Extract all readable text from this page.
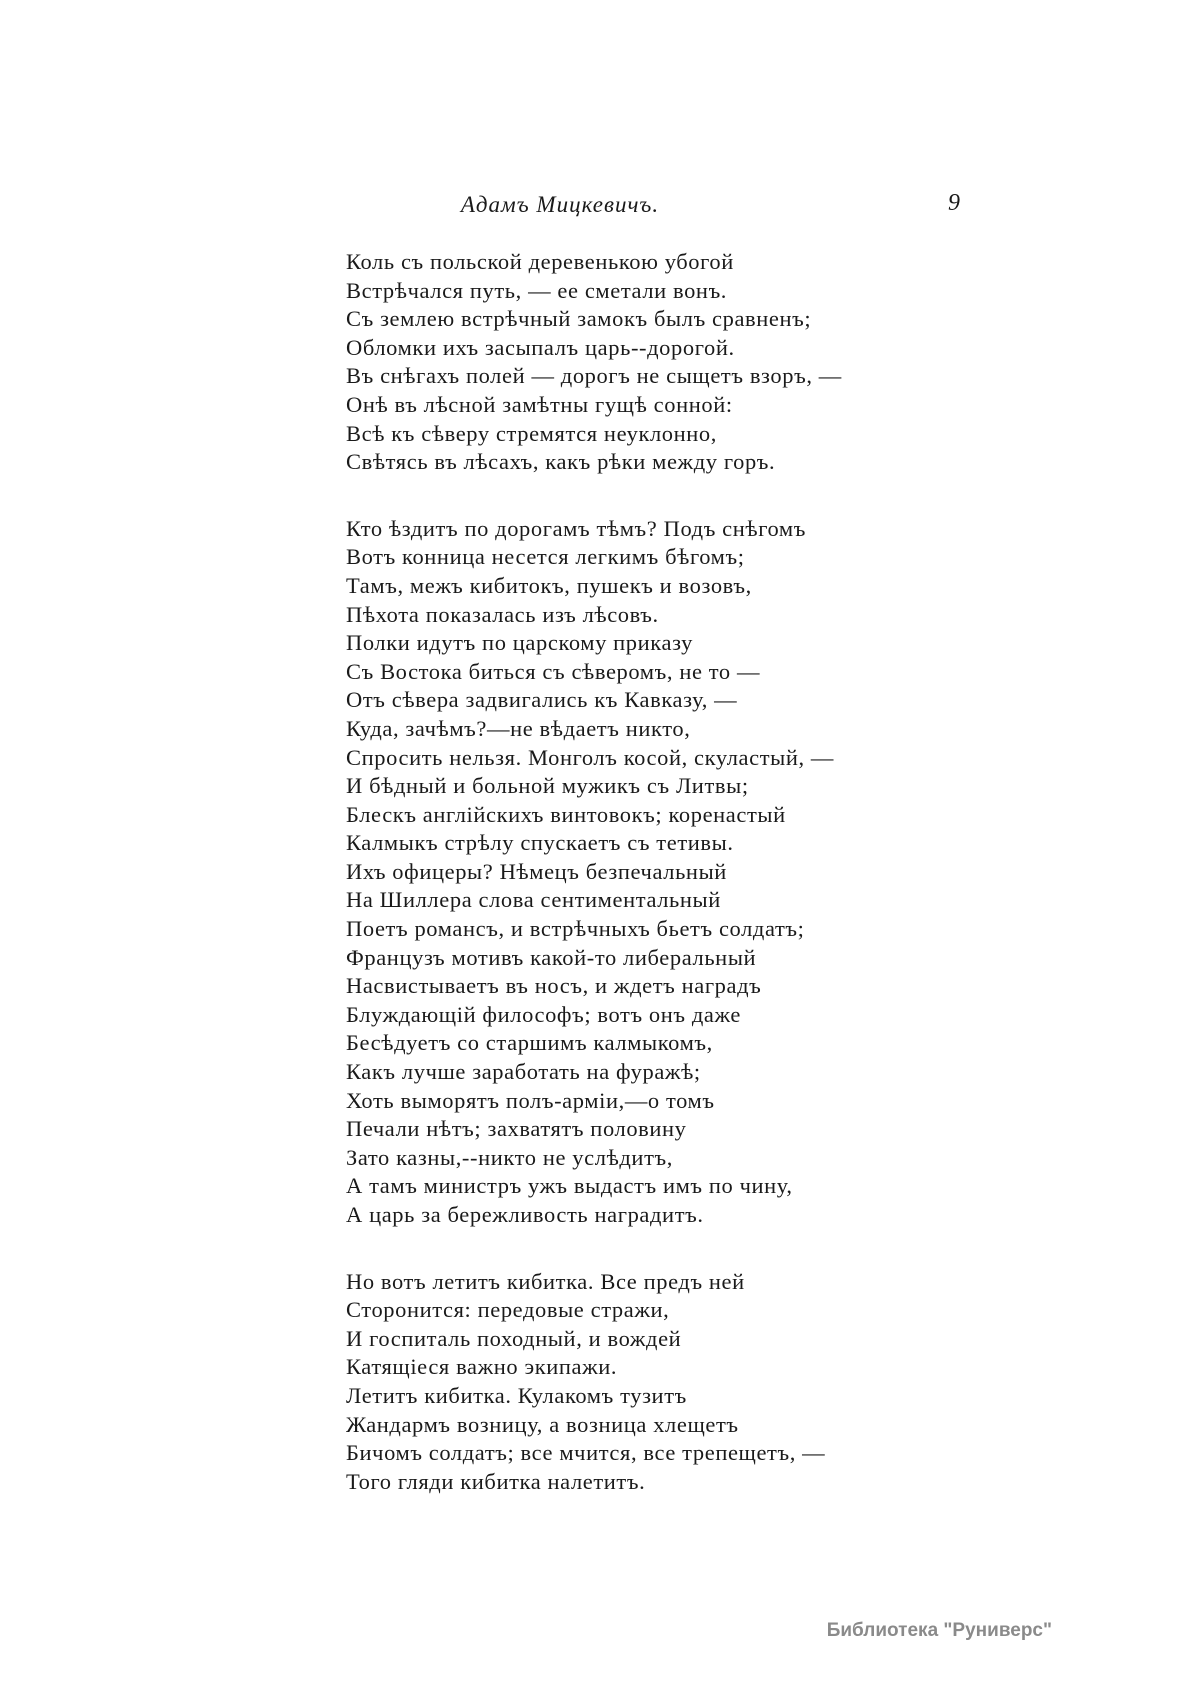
Адамъ Мицкевичъ.	9
Коль съ польской деревенькою убогой
Встрѣчался путь, — ее сметали вонъ.
Съ землею встрѣчный замокъ былъ сравненъ;
Обломки ихъ засыпалъ царь--дорогой.
Въ снѣгахъ полей — дорогъ не сыщетъ взоръ, —
Онѣ въ лѣсной замѣтны гущѣ сонной:
Всѣ къ сѣверу стремятся неуклонно,
Свѣтясь въ лѣсахъ, какъ рѣки между горъ.
Кто ѣздитъ по дорогамъ тѣмъ? Подъ снѣгомъ
Вотъ конница несется легкимъ бѣгомъ;
Тамъ, межъ кибитокъ, пушекъ и возовъ,
Пѣхота показалась изъ лѣсовъ.
Полки идутъ по царскому приказу
Съ Востока биться съ сѣверомъ, не то —
Отъ сѣвера задвигались къ Кавказу, —
Куда, зачѣмъ?—не вѣдаетъ никто,
Спросить нельзя. Монголъ косой, скуластый, —
И бѣдный и больной мужикъ съ Литвы;
Блескъ англійскихъ винтовокъ; коренастый
Калмыкъ стрѣлу спускаетъ съ тетивы.
Ихъ офицеры? Нѣмецъ безпечальный
На Шиллера слова сентиментальный
Поетъ романсъ, и встрѣчныхъ бьетъ солдатъ;
Французъ мотивъ какой-то либеральный
Насвистываетъ въ носъ, и ждетъ наградъ
Блуждающій философъ; вотъ онъ даже
Бесѣдуетъ со старшимъ калмыкомъ,
Какъ лучше заработать на фуражѣ;
Хоть выморятъ полъ-арміи,—о томъ
Печали нѣтъ; захватятъ половину
Зато казны,--никто не услѣдитъ,
А тамъ министръ ужъ выдастъ имъ по чину,
А царь за бережливость наградитъ.
Но вотъ летитъ кибитка. Все предъ ней
Сторонится: передовые стражи,
И госпиталь походный, и вождей
Катящіеся важно экипажи.
Летитъ кибитка. Кулакомъ тузитъ
Жандармъ возницу, а возница хлещетъ
Бичомъ солдатъ; все мчится, все трепещетъ, —
Того гляди кибитка налетитъ.
Библиотека "Руниверс"
